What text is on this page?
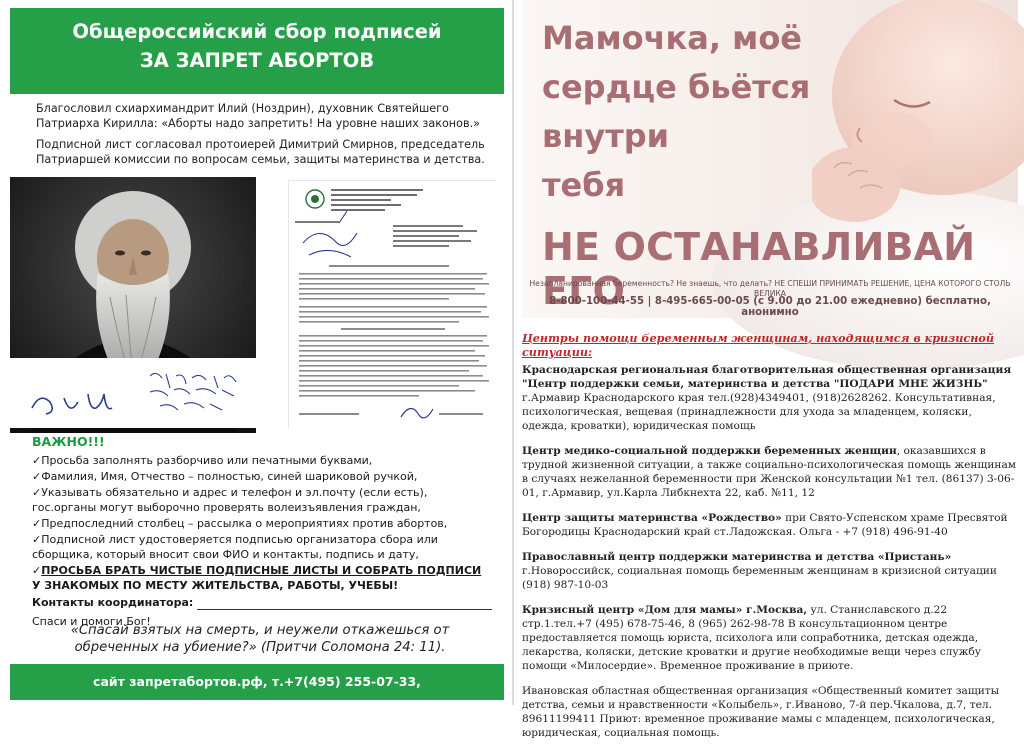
Общероссийский сбор подписей
ЗА ЗАПРЕТ АБОРТОВ

Благословил схиархимандрит Илий (Ноздрин), духовник Святейшего Патриарха Кирилла: «Аборты надо запретить! На уровне наших законов.»

Подписной лист согласовал протоиерей Димитрий Смирнов, председатель Патриаршей комиссии по вопросам семьи, защиты материнства и детства.

ВАЖНО!!!
✓Просьба заполнять разборчиво или печатными буквами,
✓Фамилия, Имя, Отчество – полностью, синей шариковой ручкой,
✓Указывать обязательно и адрес и телефон и эл.почту (если есть), гос.органы могут выборочно проверять волеизъявления граждан,
✓Предпоследний столбец – рассылка о мероприятиях против абортов,
✓Подписной лист удостоверяется подписью организатора сбора или сборщика, который вносит свои ФИО и контакты, подпись и дату,
✓ПРОСЬБА БРАТЬ ЧИСТЫЕ ПОДПИСНЫЕ ЛИСТЫ И СОБРАТЬ ПОДПИСИ У ЗНАКОМЫХ ПО МЕСТУ ЖИТЕЛЬСТВА, РАБОТЫ, УЧЕБЫ!
Контакты координатора:
Спаси и помоги Бог!
«Спасай взятых на смерть, и неужели откажешься от обреченных на убиение?» (Притчи Соломона 24: 11).
сайт запретабортов.рф, т.+7(495) 255-07-33, https://VK.com/petitia_za
Мамочка, моё
сердце бьётся
внутри
тебя
НЕ ОСТАНАВЛИВАЙ ЕГО
Незапланированная беременность? Не знаешь, что делать? НЕ СПЕШИ ПРИНИМАТЬ РЕШЕНИЕ, ЦЕНА КОТОРОГО СТОЛЬ ВЕЛИКА
8-800-100-44-55 | 8-495-665-00-05 (с 9.00 до 21.00 ежедневно) бесплатно, анонимно
Центры помощи беременным женщинам, находящимся в кризисной ситуации:
Краснодарская региональная благотворительная общественная организация "Центр поддержки семьи, материнства и детства "ПОДАРИ МНЕ ЖИЗНЬ" г.Армавир Краснодарского края тел.(928)4349401, (918)2628262. Консультативная, психологическая, вещевая (принадлежности для ухода за младенцем, коляски, одежда, кроватки), юридическая помощь
Центр медико-социальной поддержки беременных женщин, оказавшихся в трудной жизненной ситуации, а также социально-психологическая помощь женщинам в случаях нежеланной беременности при Женской консультации №1 тел. (86137) 3-06-01, г.Армавир, ул.Карла Либкнехта 22, каб. №11, 12
Центр защиты материнства «Рождество» при Свято-Успенском храме Пресвятой Богородицы Краснодарский край ст.Ладожская. Ольга - +7 (918) 496-91-40
Православный центр поддержки материнства и детства «Пристань» г.Новороссийск, социальная помощь беременным женщинам в кризисной ситуации (918) 987-10-03
Кризисный центр «Дом для мамы» г.Москва, ул. Станиславского д.22 стр.1.тел.+7 (495) 678-75-46, 8 (965) 262-98-78 В консультационном центре предоставляется помощь юриста, психолога или сопработника, детская одежда, лекарства, коляски, детские кроватки и другие необходимые вещи через службу помощи «Милосердие». Временное проживание в приюте.
Ивановская областная общественная организация «Общественный комитет защиты детства, семьи и нравственности «Колыбель», г.Иваново, 7-й пер.Чкалова, д.7, тел. 89611199411 Приют: временное проживание мамы с младенцем, психологическая, юридическая, социальная помощь.
